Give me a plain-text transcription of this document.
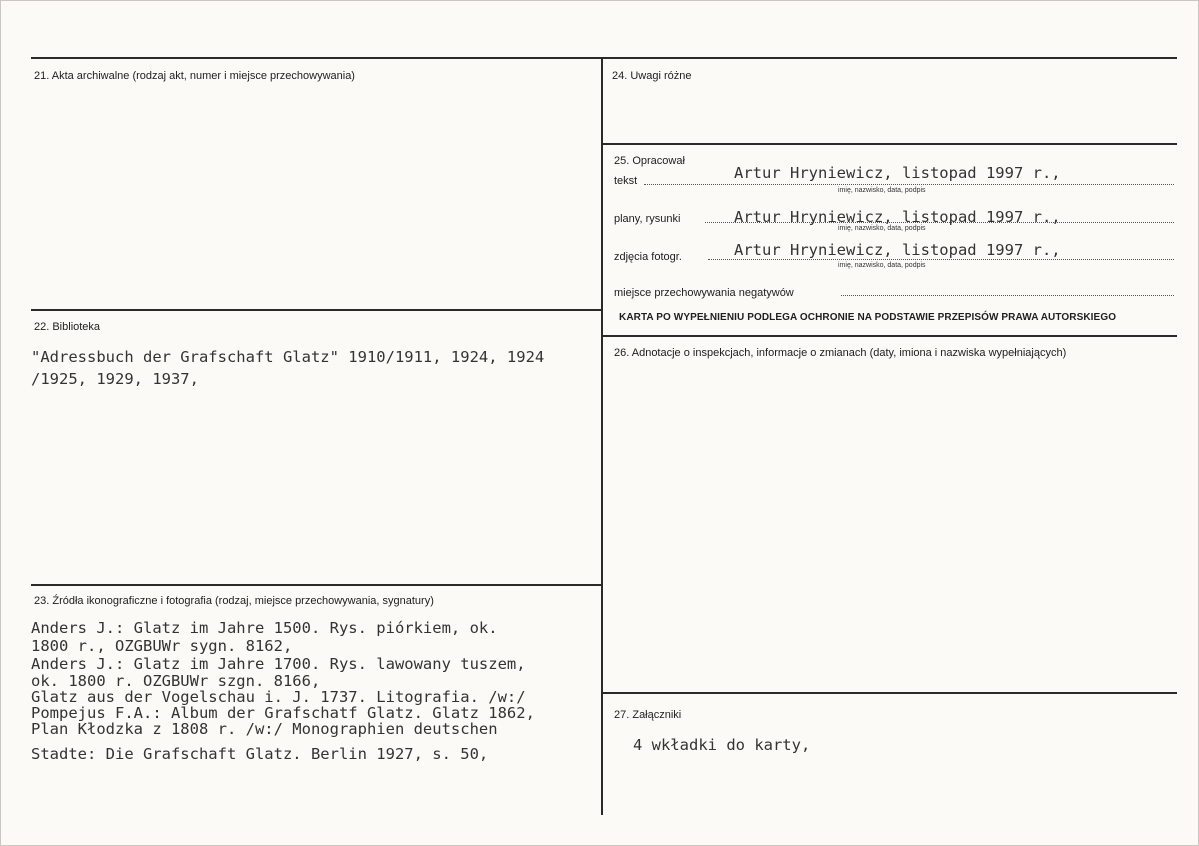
21. Akta archiwalne (rodzaj akt, numer i miejsce przechowywania)
22. Biblioteka
"Adressbuch der Grafschaft Glatz" 1910/1911, 1924, 1924
/1925, 1929, 1937,
23. Źródła ikonograficzne i fotografia (rodzaj, miejsce przechowywania, sygnatury)
Anders J.: Glatz im Jahre 1500. Rys. piórkiem, ok.
1800 r., OZGBUWr sygn. 8162,
Anders J.: Glatz im Jahre 1700. Rys. lawowany tuszem,
ok. 1800 r. OZGBUWr szgn. 8166,
Glatz aus der Vogelschau i. J. 1737. Litografia. /w:/
Pompejus F.A.: Album der Grafschatf Glatz. Glatz 1862,
Plan Kłodzka z 1808 r. /w:/ Monographien deutschen
Stadte: Die Grafschaft Glatz. Berlin 1927, s. 50,
24. Uwagi różne
25. Opracował
tekst	Artur Hryniewicz, listopad 1997 r.,
imię, nazwisko, data, podpis
plany, rysunki	Artur Hryniewicz, listopad 1997 r.,
imię, nazwisko, data, podpis
zdjęcia fotogr.	Artur Hryniewicz, listopad 1997 r.,
imię, nazwisko, data, podpis
miejsce przechowywania negatywów
KARTA PO WYPEŁNIENIU PODLEGA OCHRONIE NA PODSTAWIE PRZEPISÓW PRAWA AUTORSKIEGO
26. Adnotacje o inspekcjach, informacje o zmianach (daty, imiona i nazwiska wypełniających)
27. Załączniki
4 wkładki do karty,
